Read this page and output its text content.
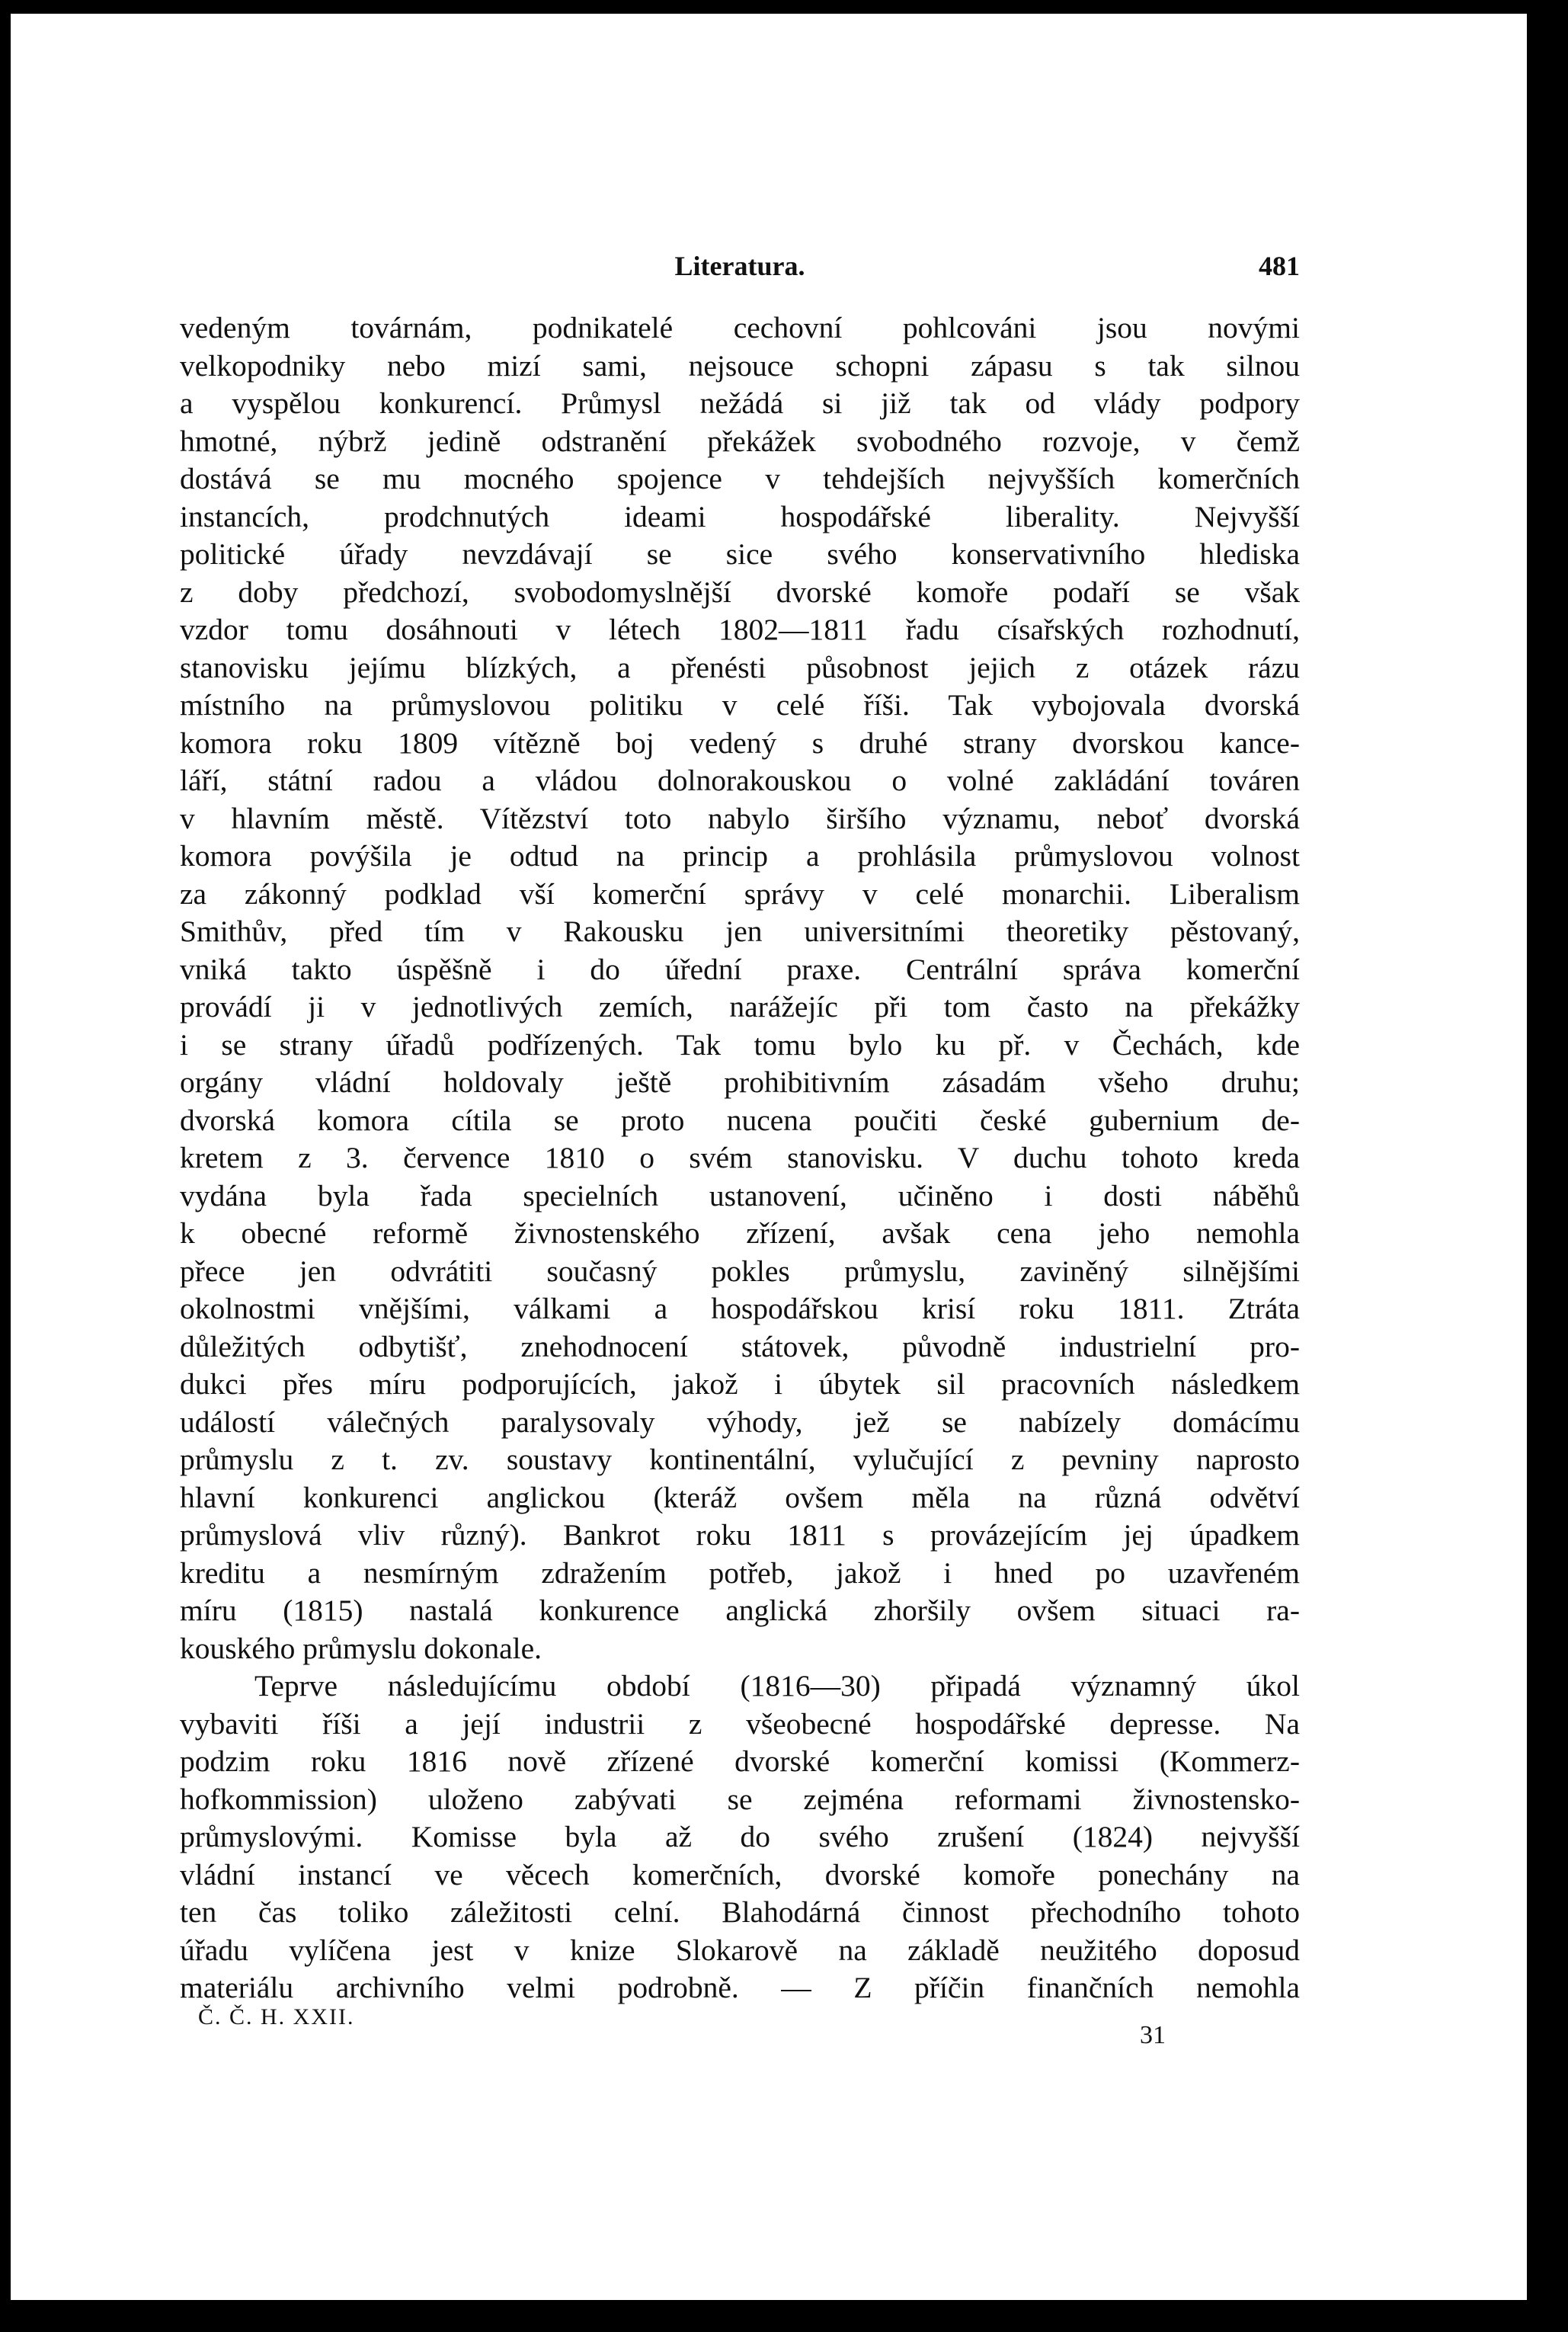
Literatura.	481
vedeným továrnám, podnikatelé cechovní pohlcováni jsou novými
velkopodniky nebo mizí sami, nejsouce schopni zápasu s tak silnou
a vyspělou konkurencí. Průmysl nežádá si již tak od vlády podpory
hmotné, nýbrž jedině odstranění překážek svobodného rozvoje, v čemž
dostává se mu mocného spojence v tehdejších nejvyšších komerčních
instancích, prodchnutých ideami hospodářské liberality. Nejvyšší
politické úřady nevzdávají se sice svého konservativního hlediska
z doby předchozí, svobodomyslnější dvorské komoře podaří se však
vzdor tomu dosáhnouti v létech 1802—1811 řadu císařských rozhodnutí,
stanovisku jejímu blízkých, a přenésti působnost jejich z otázek rázu
místního na průmyslovou politiku v celé říši. Tak vybojovala dvorská
komora roku 1809 vítězně boj vedený s druhé strany dvorskou kance-
láří, státní radou a vládou dolnorakouskou o volné zakládání továren
v hlavním městě. Vítězství toto nabylo širšího významu, neboť dvorská
komora povýšila je odtud na princip a prohlásila průmyslovou volnost
za zákonný podklad vší komerční správy v celé monarchii. Liberalism
Smithův, před tím v Rakousku jen universitními theoretiky pěstovaný,
vniká takto úspěšně i do úřední praxe. Centrální správa komerční
provádí ji v jednotlivých zemích, narážejíc při tom často na překážky
i se strany úřadů podřízených. Tak tomu bylo ku př. v Čechách, kde
orgány vládní holdovaly ještě prohibitivním zásadám všeho druhu;
dvorská komora cítila se proto nucena poučiti české gubernium de-
kretem z 3. července 1810 o svém stanovisku. V duchu tohoto kreda
vydána byla řada specielních ustanovení, učiněno i dosti náběhů
k obecné reformě živnostenského zřízení, avšak cena jeho nemohla
přece jen odvrátiti současný pokles průmyslu, zaviněný silnějšími
okolnostmi vnějšími, válkami a hospodářskou krisí roku 1811. Ztráta
důležitých odbytišť, znehodnocení státovek, původně industrielní pro-
dukci přes míru podporujících, jakož i úbytek sil pracovních následkem
událostí válečných paralysovaly výhody, jež se nabízely domácímu
průmyslu z t. zv. soustavy kontinentální, vylučující z pevniny naprosto
hlavní konkurenci anglickou (kteráž ovšem měla na různá odvětví
průmyslová vliv různý). Bankrot roku 1811 s provázejícím jej úpadkem
kreditu a nesmírným zdražením potřeb, jakož i hned po uzavřeném
míru (1815) nastalá konkurence anglická zhoršily ovšem situaci ra-
kouského průmyslu dokonale.
Teprve následujícímu období (1816—30) připadá významný úkol
vybaviti říši a její industrii z všeobecné hospodářské depresse. Na
podzim roku 1816 nově zřízené dvorské komerční komissi (Kommerz-
hofkommission) uloženo zabývati se zejména reformami živnostensko-
průmyslovými. Komisse byla až do svého zrušení (1824) nejvyšší
vládní instancí ve věcech komerčních, dvorské komoře ponechány na
ten čas toliko záležitosti celní. Blahodárná činnost přechodního tohoto
úřadu vylíčena jest v knize Slokarově na základě neužitého doposud
materiálu archivního velmi podrobně. — Z příčin finančních nemohla
Č. Č. H. XXII.
31
